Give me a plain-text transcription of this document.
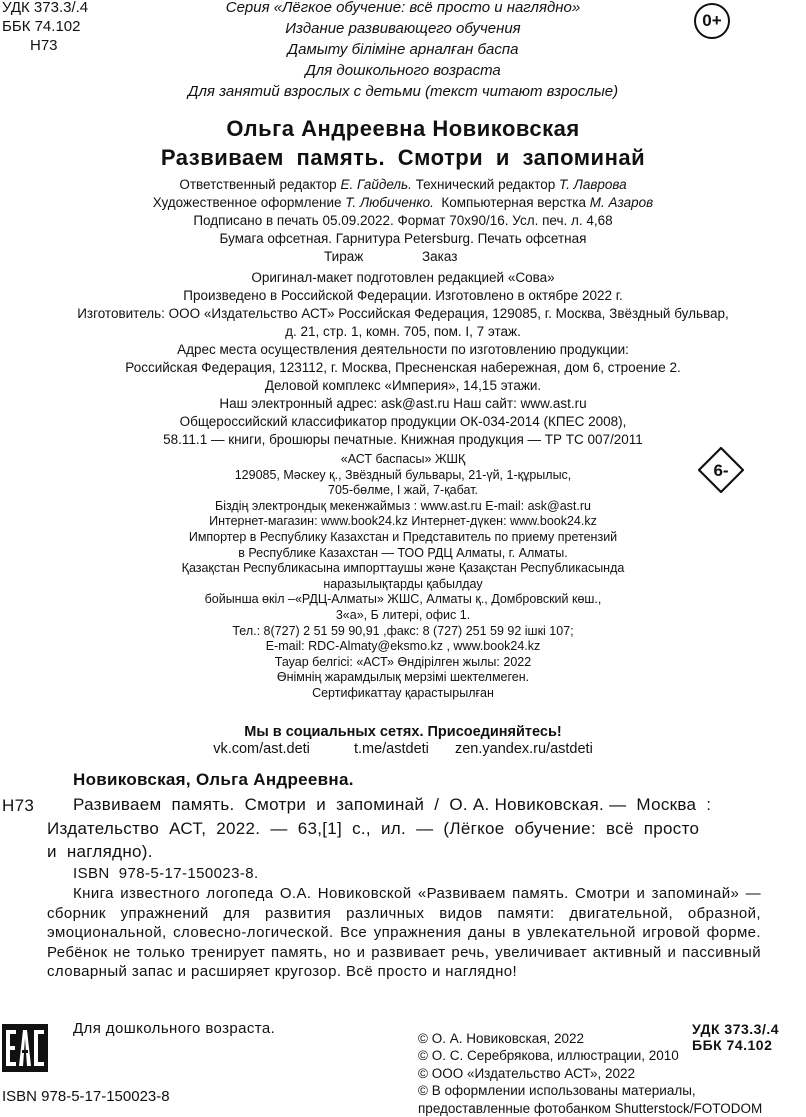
УДК 373.3/.4
ББК 74.102
Н73
Серия «Лёгкое обучение: всё просто и наглядно»
Издание развивающего обучения
Дамыту біліміне арналған баспа
Для дошкольного возраста
Для занятий взрослых с детьми (текст читают взрослые)
0+
Ольга Андреевна Новиковская
Развиваем память. Смотри и запоминай
Ответственный редактор Е. Гайдель. Технический редактор Т. Лаврова
Художественное оформление Т. Любиченко.  Компьютерная верстка М. Азаров
Подписано в печать 05.09.2022. Формат 70х90/16. Усл. печ. л. 4,68
Бумага офсетная. Гарнитура Petersburg. Печать офсетная
Тираж	Заказ
Оригинал-макет подготовлен редакцией «Сова»
Произведено в Российской Федерации. Изготовлено в октябре 2022 г.
Изготовитель: ООО «Издательство АСТ» Российская Федерация, 129085, г. Москва, Звёздный бульвар,
д. 21, стр. 1, комн. 705, пом. I, 7 этаж.
Адрес места осуществления деятельности по изготовлению продукции:
Российская Федерация, 123112, г. Москва, Пресненская набережная, дом 6, строение 2.
Деловой комплекс «Империя», 14,15 этажи.
Наш электронный адрес: ask@ast.ru Наш сайт: www.ast.ru
Общероссийский классификатор продукции ОК-034-2014 (КПЕС 2008),
58.11.1 — книги, брошюры печатные. Книжная продукция — ТР ТС 007/2011
«АСТ баспасы» ЖШҚ
129085, Мәскеу қ., Звёздный бульвары, 21-үй, 1-құрылыс,
705-бөлме, I жай, 7-қабат.
Біздің электрондық мекенжаймыз : www.ast.ru E-mail: ask@ast.ru
Интернет-магазин: www.book24.kz Интернет-дүкен: www.book24.kz
Импортер в Республику Казахстан и Представитель по приему претензий
в Республике Казахстан — ТОО РДЦ Алматы, г. Алматы.
Қазақстан Республикасына импорттаушы және Қазақстан Республикасында
наразылықтарды қабылдау
бойынша өкіл –«РДЦ-Алматы» ЖШС, Алматы қ., Домбровский көш.,
3«а», Б литері, офис 1.
Тел.: 8(727) 2 51 59 90,91 ,факс: 8 (727) 251 59 92 ішкі 107;
E-mail: RDC-Almaty@eksmo.kz , www.book24.kz
Тауар белгісі: «АСТ» Өндірілген жылы: 2022
Өнімнің жарамдылық мерзімі шектелмеген.
Сертификаттау қарастырылған
6-
Мы в социальных сетях. Присоединяйтесь!
vk.com/ast.deti	t.me/astdeti zen.yandex.ru/astdeti
Новиковская, Ольга Андреевна.
Н73 Развиваем  память.  Смотри  и  запоминай  /  О. А. Новиковская. —  Москва  :
Издательство  АСТ,  2022.  —  63,[1]  с.,  ил.  —  (Лёгкое  обучение:  всё  просто
и  наглядно).
ISBN  978-5-17-150023-8.
Книга известного логопеда О.А. Новиковской «Развиваем память. Смотри и запоминай» — сборник упражнений для развития различных видов памяти: двигательной, образной, эмоциональной, словесно-логической. Все упражнения даны в увлекательной игровой форме. Ребёнок не только тренирует память, но и развивает речь, увеличивает активный и пассивный словарный запас и расширяет кругозор. Всё просто и наглядно!
Для дошкольного возраста.	УДК 373.3/.4
ББК 74.102
© О. А. Новиковская, 2022
© О. С. Серебрякова, иллюстрации, 2010
© ООО «Издательство АСТ», 2022
© В оформлении использованы материалы,
предоставленные фотобанком Shutterstock/FOTODOM
ISBN 978-5-17-150023-8
